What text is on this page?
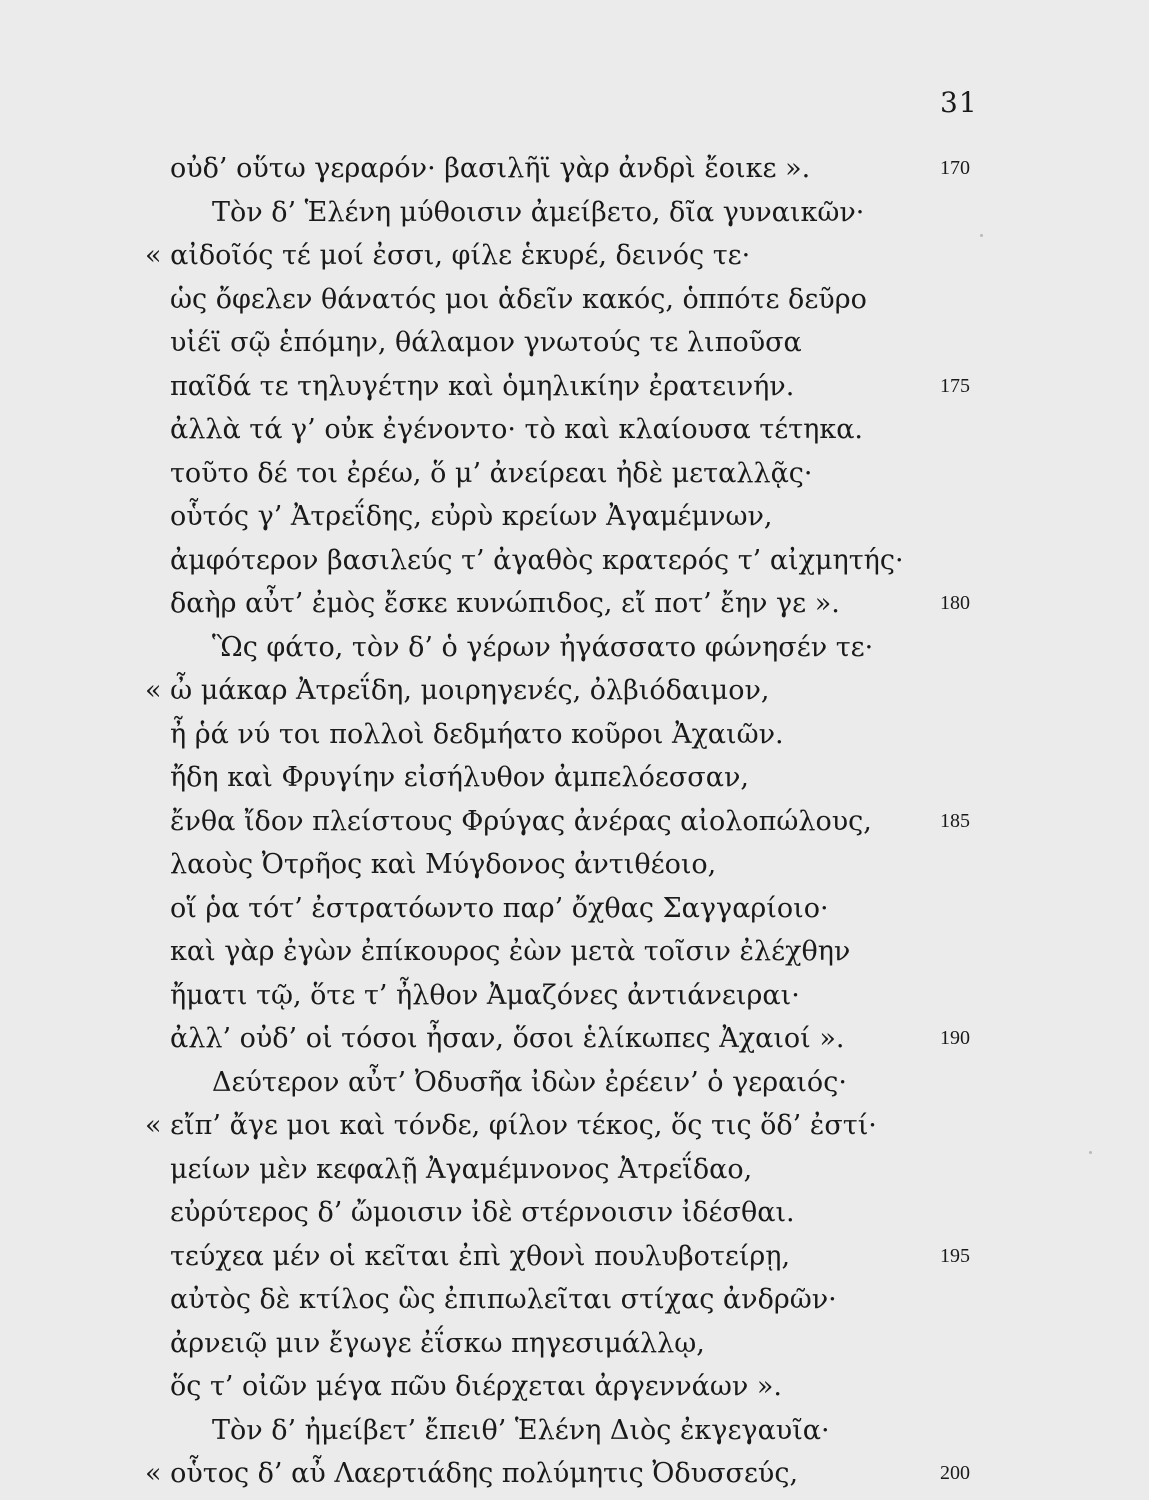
31
οὐδ’ οὕτω γεραρόν· βασιλῆϊ γὰρ ἀνδρὶ ἔοικε ».	170
Τὸν δ’ Ἑλένη μύθοισιν ἀμείβετο, δῖα γυναικῶν·
« αἰδοῖός τέ μοί ἐσσι, φίλε ἑκυρέ, δεινός τε·
ὡς ὄφελεν θάνατός μοι ἁδεῖν κακός, ὁππότε δεῦρο
υἱέϊ σῷ ἑπόμην, θάλαμον γνωτούς τε λιποῦσα
παῖδά τε τηλυγέτην καὶ ὁμηλικίην ἐρατεινήν.	175
ἀλλὰ τά γ’ οὐκ ἐγένοντο· τὸ καὶ κλαίουσα τέτηκα.
τοῦτο δέ τοι ἐρέω, ὅ μ’ ἀνείρεαι ἠδὲ μεταλλᾷς·
οὗτός γ’ Ἀτρεΐδης, εὐρὺ κρείων Ἀγαμέμνων,
ἀμφότερον βασιλεύς τ’ ἀγαθὸς κρατερός τ’ αἰχμητής·
δαὴρ αὖτ’ ἐμὸς ἔσκε κυνώπιδος, εἴ ποτ’ ἔην γε ».	180
Ὣς φάτο, τὸν δ’ ὁ γέρων ἠγάσσατο φώνησέν τε·
« ὦ μάκαρ Ἀτρεΐδη, μοιρηγενές, ὀλβιόδαιμον,
ἦ ῥά νύ τοι πολλοὶ δεδμήατο κοῦροι Ἀχαιῶν.
ἤδη καὶ Φρυγίην εἰσήλυθον ἀμπελόεσσαν,
ἔνθα ἴδον πλείστους Φρύγας ἀνέρας αἰολοπώλους,	185
λαοὺς Ὀτρῆος καὶ Μύγδονος ἀντιθέοιο,
οἵ ῥα τότ’ ἐστρατόωντο παρ’ ὄχθας Σαγγαρίοιο·
καὶ γὰρ ἐγὼν ἐπίκουρος ἐὼν μετὰ τοῖσιν ἐλέχθην
ἤματι τῷ, ὅτε τ’ ἦλθον Ἀμαζόνες ἀντιάνειραι·
ἀλλ’ οὐδ’ οἱ τόσοι ἦσαν, ὅσοι ἑλίκωπες Ἀχαιοί ».	190
Δεύτερον αὖτ’ Ὀδυσῆα ἰδὼν ἐρέειν’ ὁ γεραιός·
« εἴπ’ ἄγε μοι καὶ τόνδε, φίλον τέκος, ὅς τις ὅδ’ ἐστί·
μείων μὲν κεφαλῇ Ἀγαμέμνονος Ἀτρεΐδαο,
εὐρύτερος δ’ ὤμοισιν ἰδὲ στέρνοισιν ἰδέσθαι.
τεύχεα μέν οἱ κεῖται ἐπὶ χθονὶ πουλυβοτείρῃ,	195
αὐτὸς δὲ κτίλος ὣς ἐπιπωλεῖται στίχας ἀνδρῶν·
ἀρνειῷ μιν ἔγωγε ἐΐσκω πηγεσιμάλλῳ,
ὅς τ’ οἰῶν μέγα πῶυ διέρχεται ἀργεννάων ».
Τὸν δ’ ἠμείβετ’ ἔπειθ’ Ἑλένη Διὸς ἐκγεγαυῖα·
« οὗτος δ’ αὖ Λαερτιάδης πολύμητις Ὀδυσσεύς,	200
